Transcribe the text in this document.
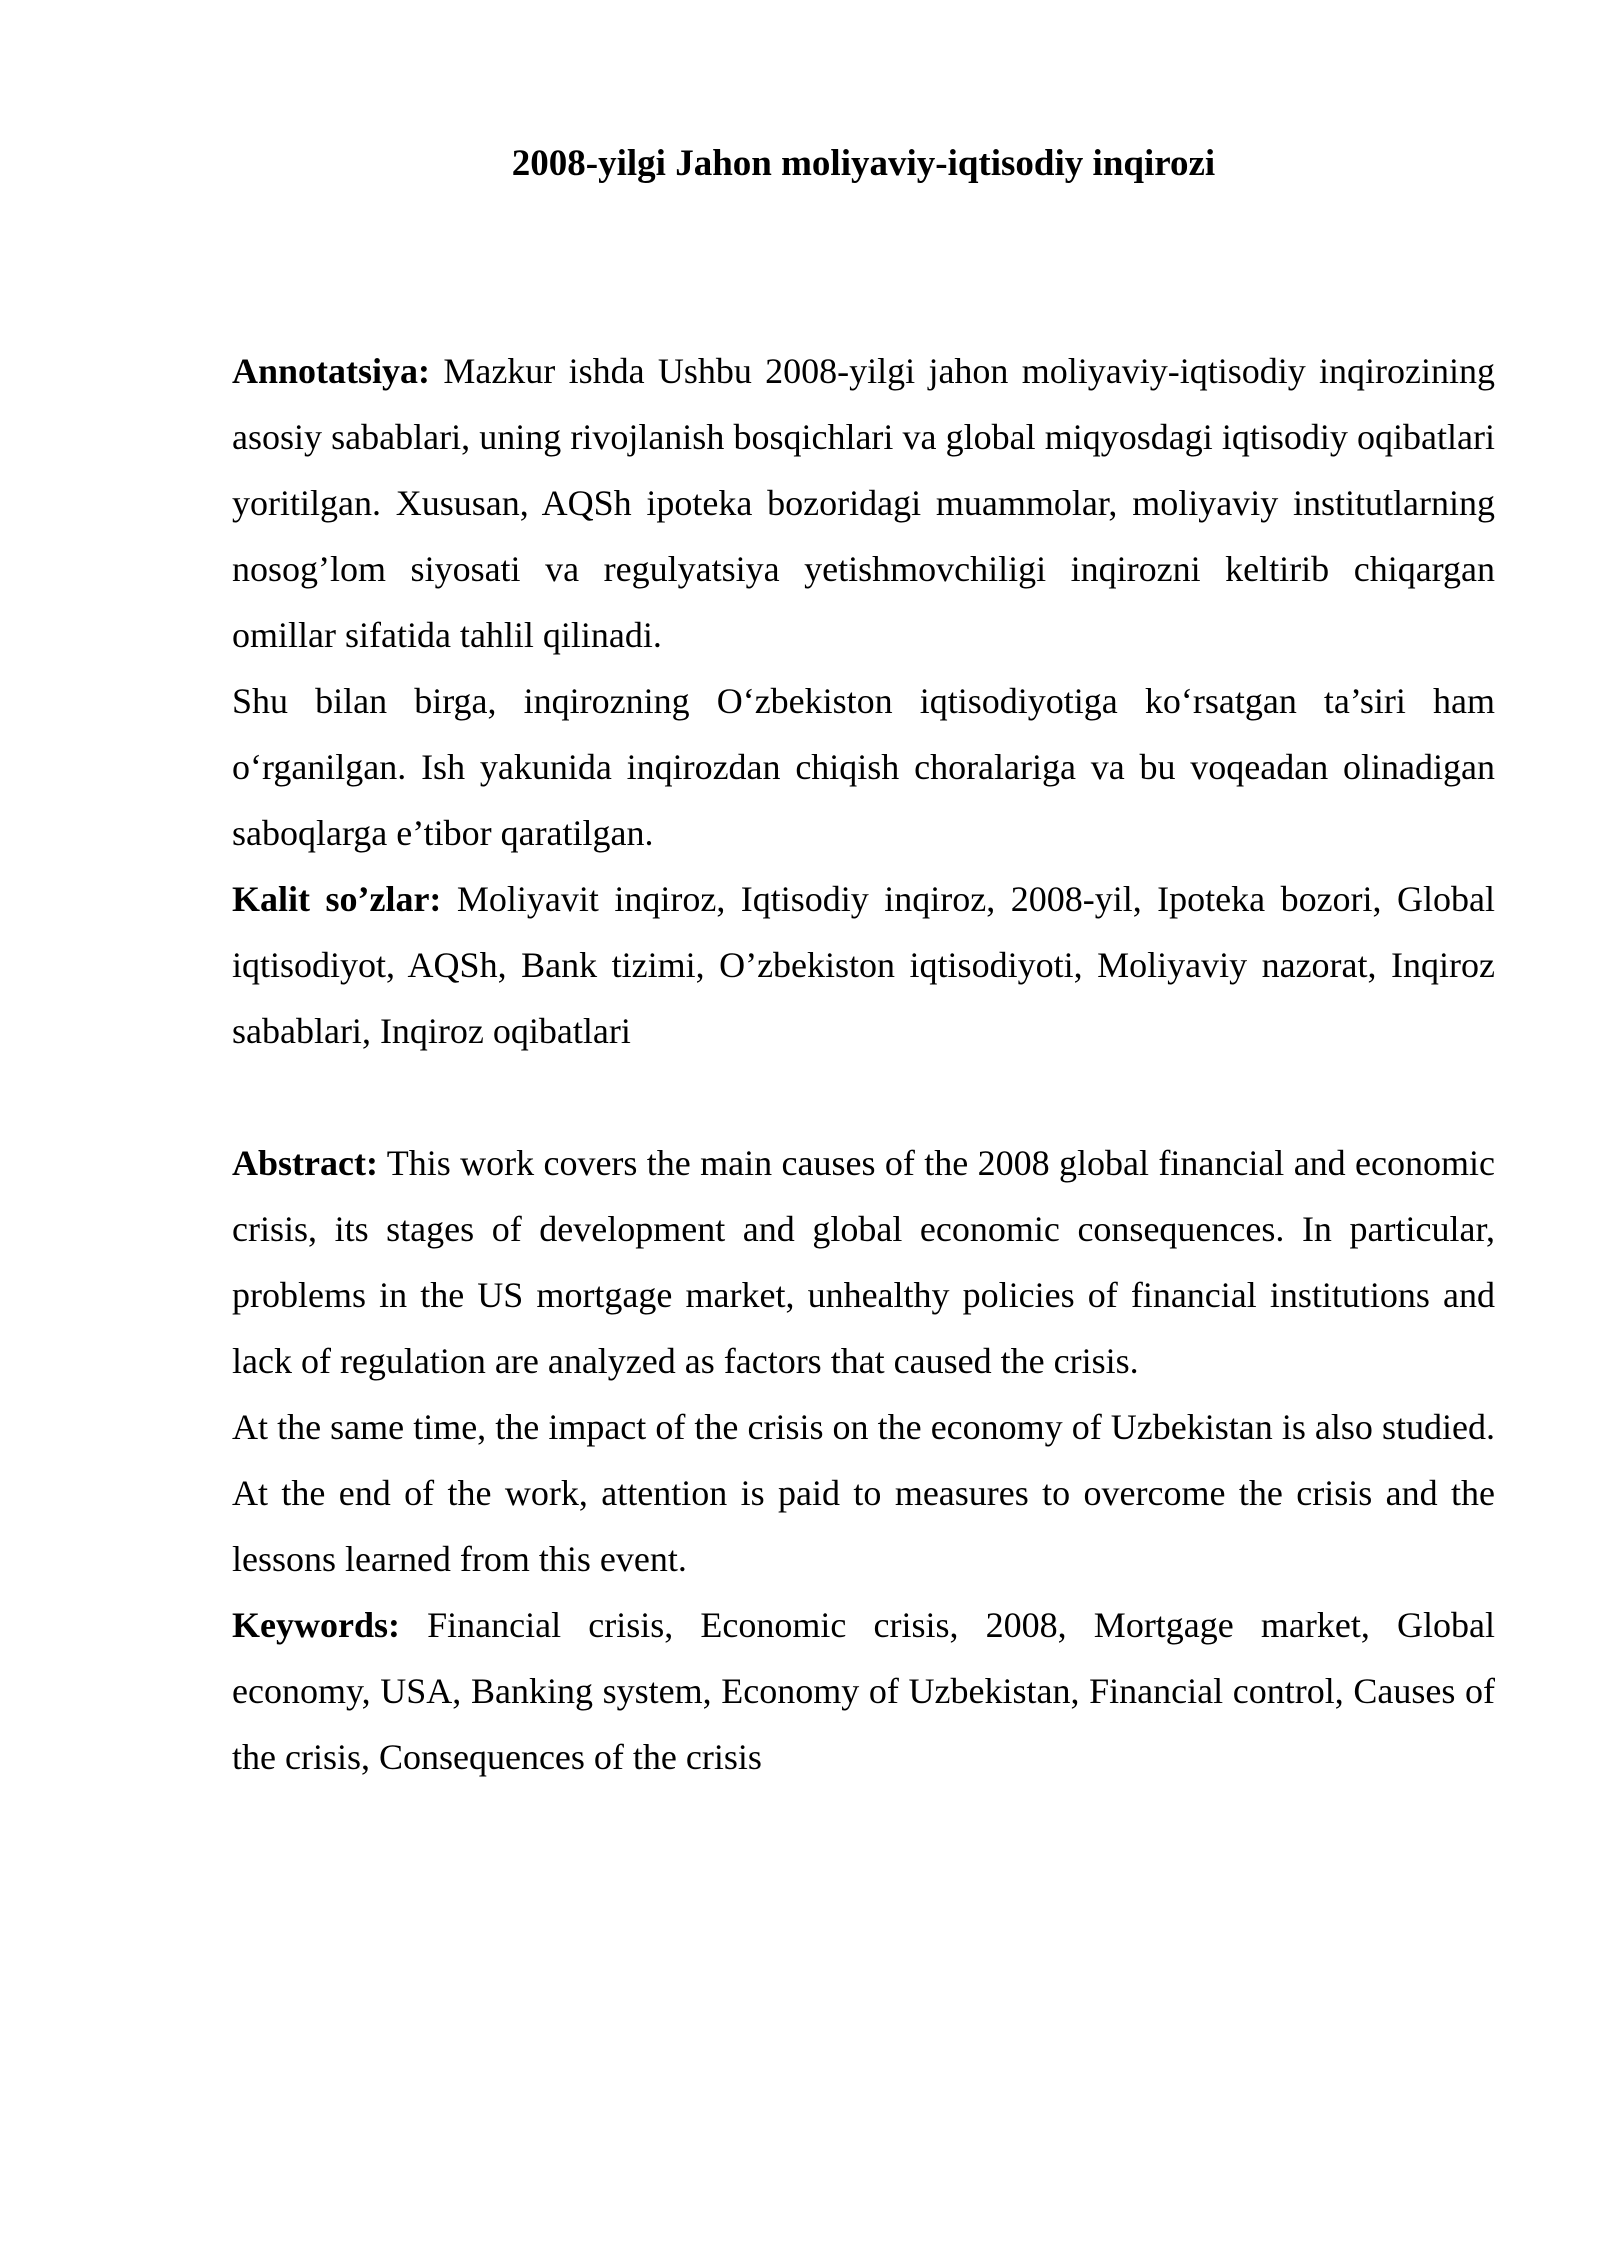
2008-yilgi Jahon moliyaviy-iqtisodiy inqirozi

Annotatsiya: Mazkur ishda Ushbu 2008-yilgi jahon moliyaviy-iqtisodiy inqirozining asosiy sabablari, uning rivojlanish bosqichlari va global miqyosdagi iqtisodiy oqibatlari yoritilgan. Xususan, AQSh ipoteka bozoridagi muammolar, moliyaviy institutlarning nosog’lom siyosati va regulyatsiya yetishmovchiligi inqirozni keltirib chiqargan omillar sifatida tahlil qilinadi.

Shu bilan birga, inqirozning O‘zbekiston iqtisodiyotiga ko‘rsatgan ta’siri ham o‘rganilgan. Ish yakunida inqirozdan chiqish choralariga va bu voqeadan olinadigan saboqlarga e’tibor qaratilgan.

Kalit so’zlar: Moliyavit inqiroz, Iqtisodiy inqiroz, 2008-yil, Ipoteka bozori, Global iqtisodiyot, AQSh, Bank tizimi, O’zbekiston iqtisodiyoti, Moliyaviy nazorat, Inqiroz sabablari, Inqiroz oqibatlari

Abstract: This work covers the main causes of the 2008 global financial and economic crisis, its stages of development and global economic consequences. In particular, problems in the US mortgage market, unhealthy policies of financial institutions and lack of regulation are analyzed as factors that caused the crisis.

At the same time, the impact of the crisis on the economy of Uzbekistan is also studied. At the end of the work, attention is paid to measures to overcome the crisis and the lessons learned from this event.

Keywords: Financial crisis, Economic crisis, 2008, Mortgage market, Global economy, USA, Banking system, Economy of Uzbekistan, Financial control, Causes of the crisis, Consequences of the crisis
